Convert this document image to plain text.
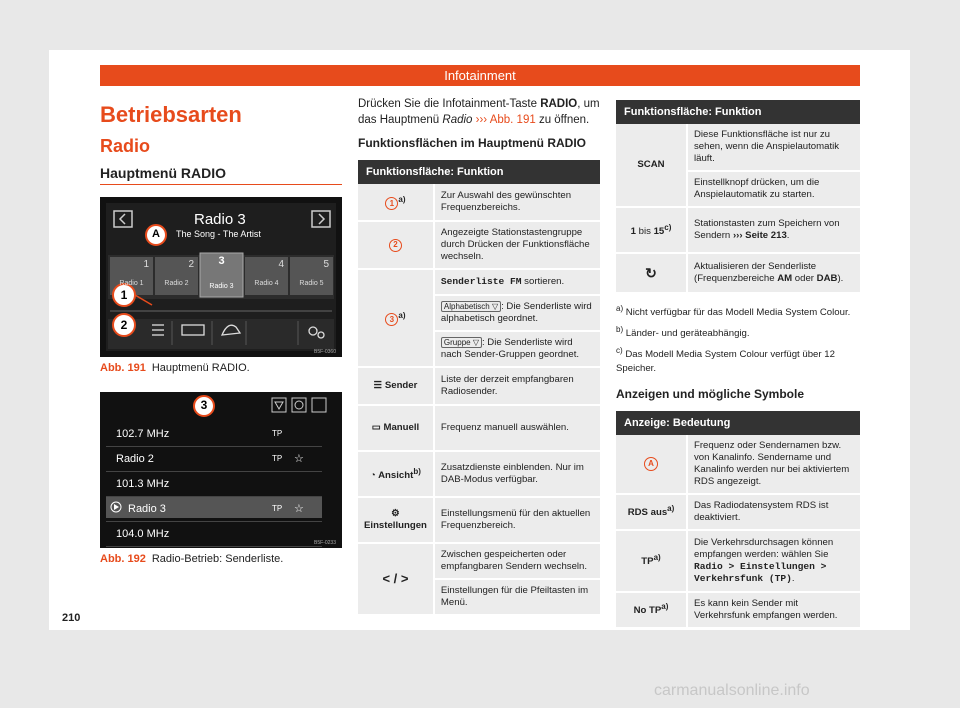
Infotainment
Betriebsarten
Radio
Hauptmenü RADIO
Radio 3
The Song - The Artist
A
1
2
1
Radio 1
2
Radio 2
3
Radio 3
4
Radio 4
5
Radio 5
B5F-0360

Abb. 191 Hauptmenü RADIO.

3
102.7 MHz	TP
Radio 2	TP ☆
101.3 MHz
Radio 3	TP ☆
104.0 MHz
B5F-0233

Abb. 192 Radio-Betrieb: Senderliste.

Drücken Sie die Infotainment-Taste RADIO, um das Hauptmenü Radio ››› Abb. 191 zu öffnen.

Funktionsflächen im Hauptmenü RADIO

Funktionsfläche: Funktion	
1 $^{a)}$	Zur Auswahl des gewünschten Frequenzbereichs.
2	Angezeigte Stationstastengruppe durch Drücken der Funktionsfläche wechseln.
3 $^{a)}$	Senderliste FM sortieren.
	Alphabetisch ▽ : Die Senderliste wird alphabetisch geordnet.
	Gruppe ▽ : Die Senderliste wird nach Sender-Gruppen geordnet.
☰ Sender	Liste der derzeit empfangbaren Radiosender.
▭ Manuell	Frequenz manuell auswählen.
◔ Ansicht$^{b)}$	Zusatzdienste einblenden. Nur im DAB-Modus verfügbar.
⚙ Einstellungen	Einstellungsmenü für den aktuellen Frequenzbereich.
< / >	Zwischen gespeicherten oder empfangbaren Sendern wechseln.
	Einstellungen für die Pfeiltasten im Menü.
Funktionsfläche: Funktion	
SCAN	Diese Funktionsfläche ist nur zu sehen, wenn die Anspielautomatik läuft.
	Einstellknopf drücken, um die Anspielautomatik zu starten.
1 bis 15$^{c)}$	Stationstasten zum Speichern von Sendern ››› Seite 213.
↻	Aktualisieren der Senderliste (Frequenzbereiche AM oder DAB).

$^{a)}$ Nicht verfügbar für das Modell Media System Colour.

$^{b)}$ Länder- und geräteabhängig.

$^{c)}$ Das Modell Media System Colour verfügt über 12 Speicher.

Anzeigen und mögliche Symbole

Anzeige: Bedeutung	
A	Frequenz oder Sendernamen bzw. von Kanalinfo. Sendername und Kanalinfo werden nur bei aktiviertem RDS angezeigt.
RDS aus$^{a)}$	Das Radiodatensystem RDS ist deaktiviert.
TP$^{a)}$	Die Verkehrsdurchsagen können empfangen werden: wählen Sie Radio > Einstellungen > Verkehrsfunk (TP).
No TP$^{a)}$	Es kann kein Sender mit Verkehrsfunk empfangen werden.
210
carmanualsonline.info
